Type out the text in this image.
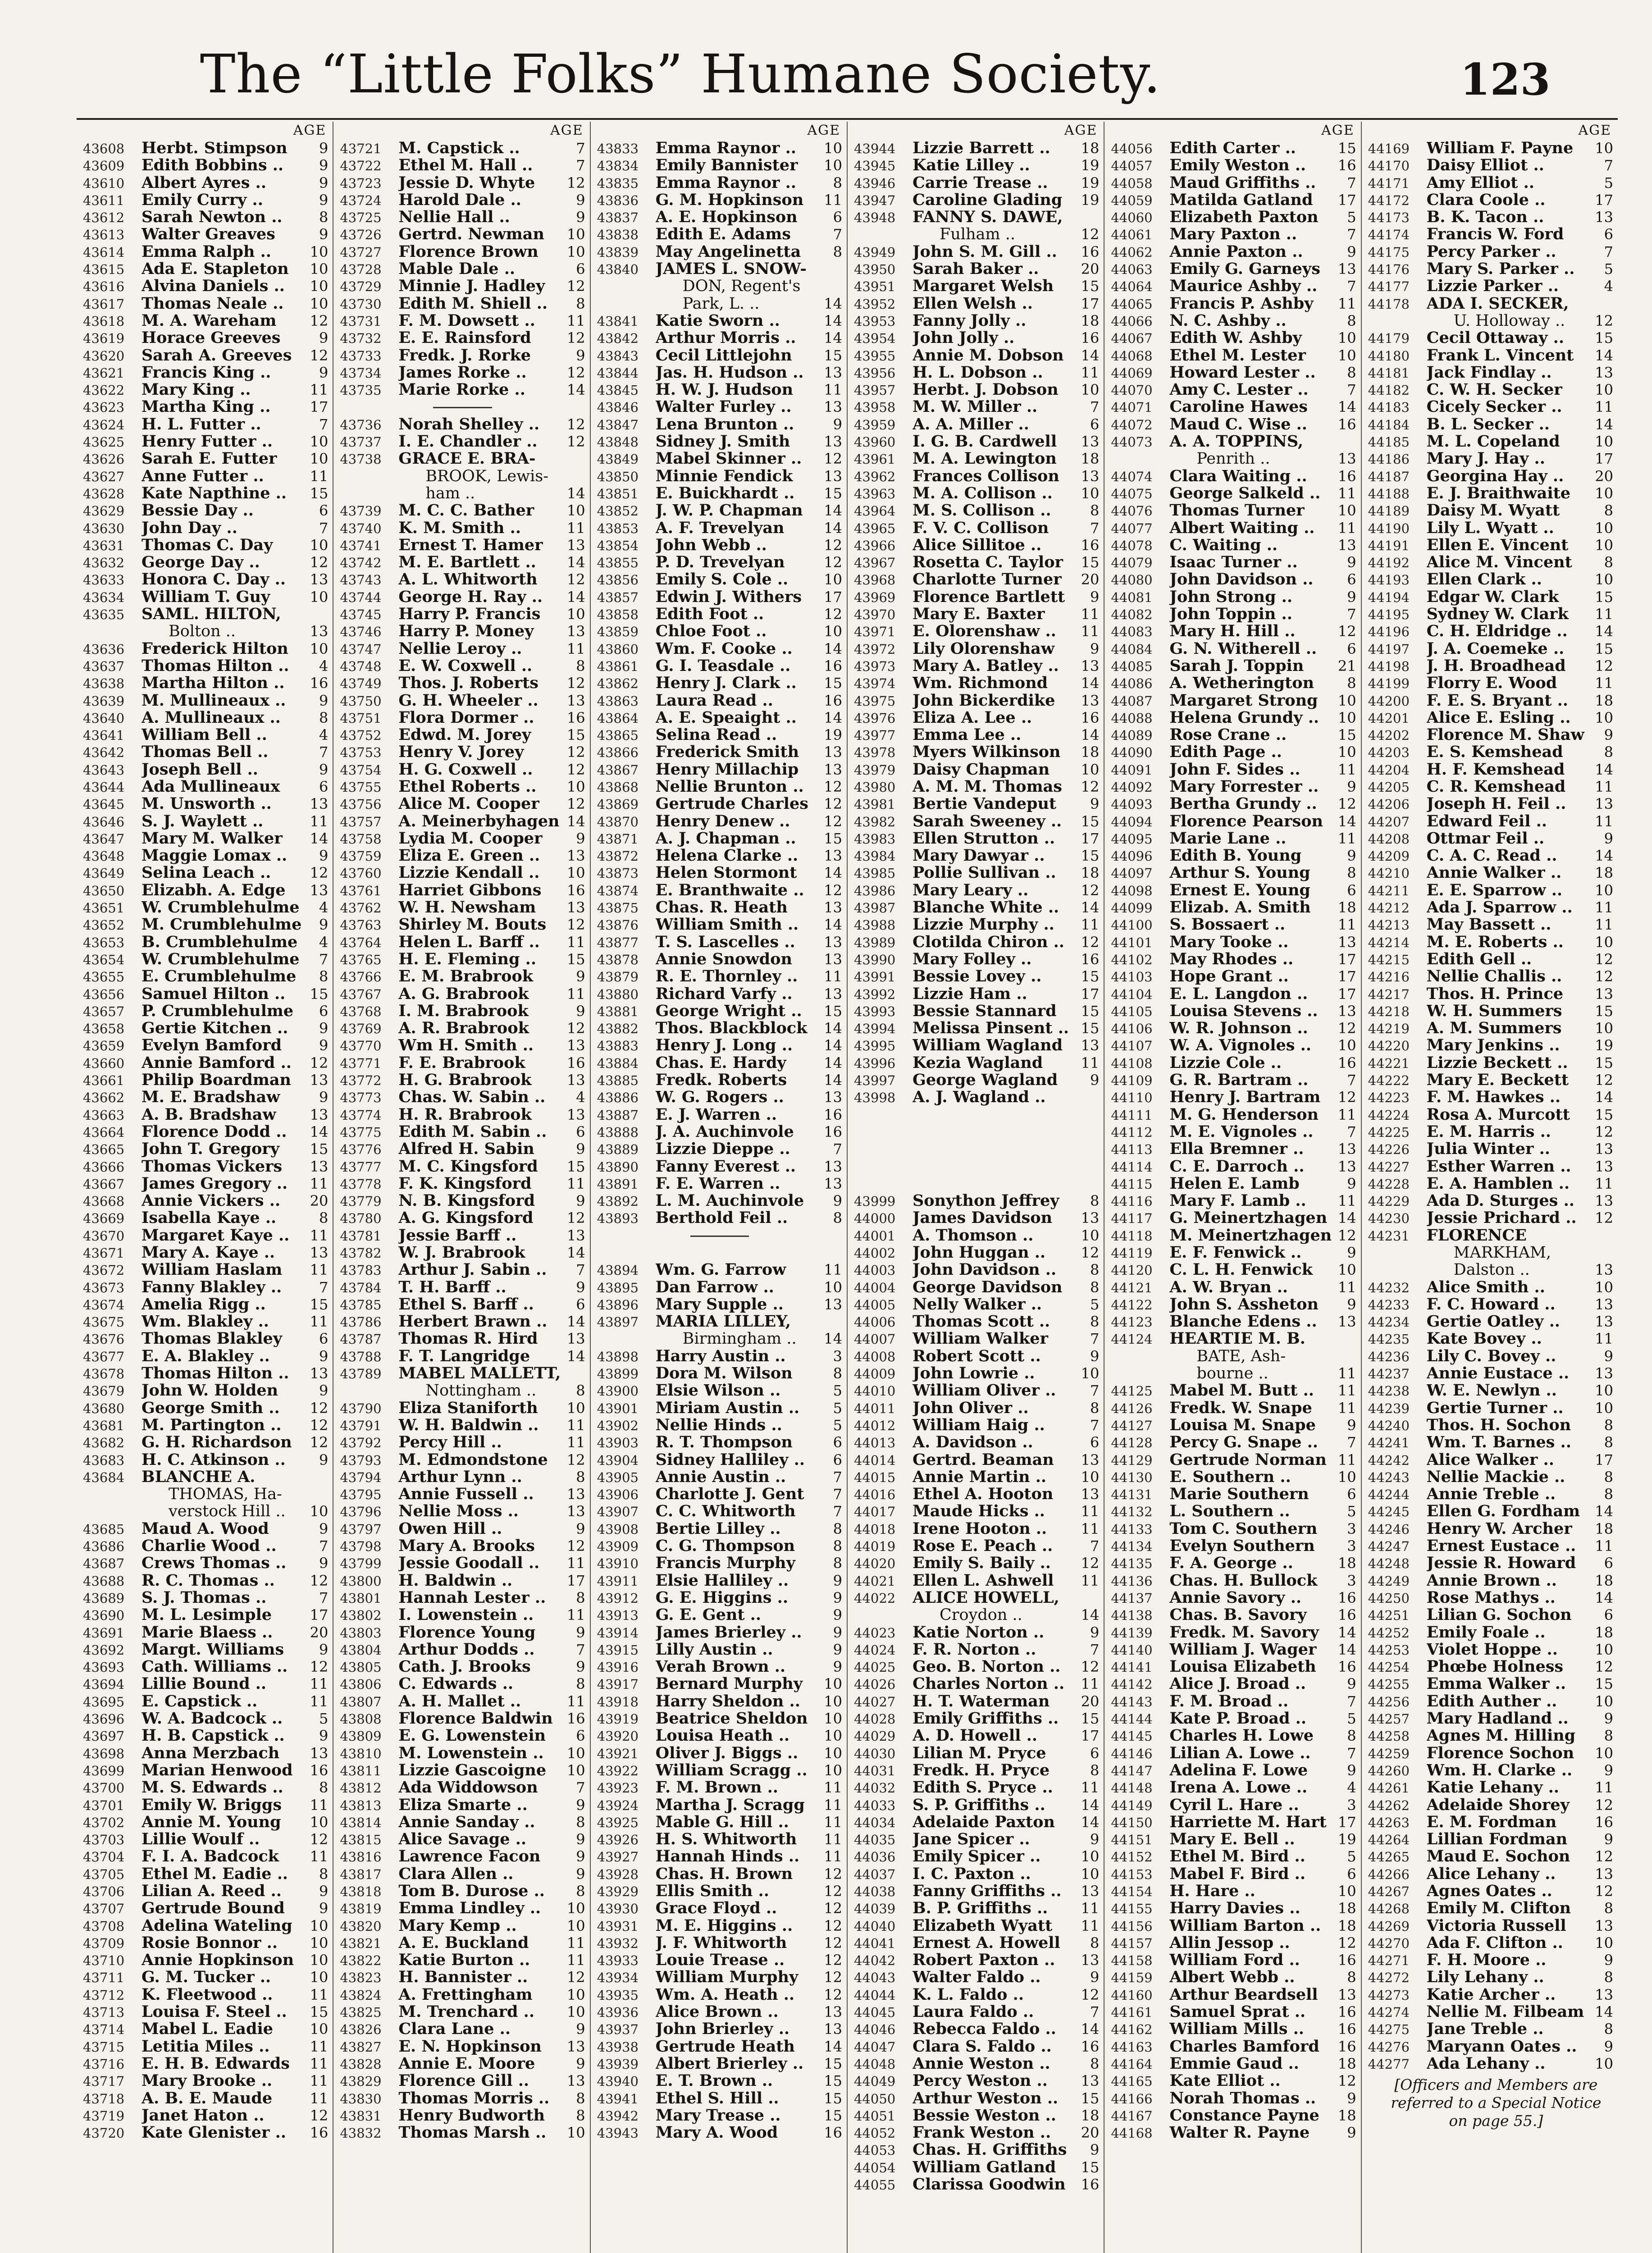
The “Little Folks” Humane Society.	123
AGE
43608	Herbt. Stimpson	9
43609	Edith Bobbins ..	9
43610	Albert Ayres ..	9
43611	Emily Curry ..	9
43612	Sarah Newton ..	8
43613	Walter Greaves	9
43614	Emma Ralph ..	10
43615	Ada E. Stapleton	10
43616	Alvina Daniels ..	10
43617	Thomas Neale ..	10
43618	M. A. Wareham	12
43619	Horace Greeves	9
43620	Sarah A. Greeves	12
43621	Francis King ..	9
43622	Mary King ..	11
43623	Martha King ..	17
43624	H. L. Futter ..	7
43625	Henry Futter ..	10
43626	Sarah E. Futter	10
43627	Anne Futter ..	11
43628	Kate Napthine ..	15
43629	Bessie Day ..	6
43630	John Day ..	7
43631	Thomas C. Day	10
43632	George Day ..	12
43633	Honora C. Day ..	13
43634	William T. Guy	10
43635	SAML. HILTON,
Bolton ..	13
43636	Frederick Hilton	10
43637	Thomas Hilton ..	4
43638	Martha Hilton ..	16
43639	M. Mullineaux ..	9
43640	A. Mullineaux ..	8
43641	William Bell ..	4
43642	Thomas Bell ..	7
43643	Joseph Bell ..	9
43644	Ada Mullineaux	6
43645	M. Unsworth ..	13
43646	S. J. Waylett ..	11
43647	Mary M. Walker	14
43648	Maggie Lomax ..	9
43649	Selina Leach ..	12
43650	Elizabh. A. Edge	13
43651	W. Crumblehulme	4
43652	M. Crumblehulme	9
43653	B. Crumblehulme	4
43654	W. Crumblehulme	7
43655	E. Crumblehulme	8
43656	Samuel Hilton ..	15
43657	P. Crumblehulme	6
43658	Gertie Kitchen ..	9
43659	Evelyn Bamford	9
43660	Annie Bamford ..	12
43661	Philip Boardman	13
43662	M. E. Bradshaw	9
43663	A. B. Bradshaw	13
43664	Florence Dodd ..	14
43665	John T. Gregory	15
43666	Thomas Vickers	13
43667	James Gregory ..	11
43668	Annie Vickers ..	20
43669	Isabella Kaye ..	8
43670	Margaret Kaye ..	11
43671	Mary A. Kaye ..	13
43672	William Haslam	11
43673	Fanny Blakley ..	7
43674	Amelia Rigg ..	15
43675	Wm. Blakley ..	11
43676	Thomas Blakley	6
43677	E. A. Blakley ..	9
43678	Thomas Hilton ..	13
43679	John W. Holden	9
43680	George Smith ..	12
43681	M. Partington ..	12
43682	G. H. Richardson	12
43683	H. C. Atkinson ..	9
43684	BLANCHE A.
THOMAS, Ha-
verstock Hill ..	10
43685	Maud A. Wood	9
43686	Charlie Wood ..	7
43687	Crews Thomas ..	9
43688	R. C. Thomas ..	12
43689	S. J. Thomas ..	7
43690	M. L. Lesimple	17
43691	Marie Blaess ..	20
43692	Margt. Williams	9
43693	Cath. Williams ..	12
43694	Lillie Bound ..	11
43695	E. Capstick ..	11
43696	W. A. Badcock ..	5
43697	H. B. Capstick ..	9
43698	Anna Merzbach	13
43699	Marian Henwood	16
43700	M. S. Edwards ..	8
43701	Emily W. Briggs	11
43702	Annie M. Young	10
43703	Lillie Woulf ..	12
43704	F. I. A. Badcock	11
43705	Ethel M. Eadie ..	8
43706	Lilian A. Reed ..	9
43707	Gertrude Bound	9
43708	Adelina Wateling	10
43709	Rosie Bonnor ..	10
43710	Annie Hopkinson	10
43711	G. M. Tucker ..	10
43712	K. Fleetwood ..	11
43713	Louisa F. Steel ..	15
43714	Mabel L. Eadie	10
43715	Letitia Miles ..	11
43716	E. H. B. Edwards	11
43717	Mary Brooke ..	11
43718	A. B. E. Maude	11
43719	Janet Haton ..	12
43720	Kate Glenister ..	16
AGE
43721	M. Capstick ..	7
43722	Ethel M. Hall ..	7
43723	Jessie D. Whyte	12
43724	Harold Dale ..	9
43725	Nellie Hall ..	9
43726	Gertrd. Newman	10
43727	Florence Brown	10
43728	Mable Dale ..	6
43729	Minnie J. Hadley	12
43730	Edith M. Shiell ..	8
43731	F. M. Dowsett ..	11
43732	E. E. Rainsford	12
43733	Fredk. J. Rorke	9
43734	James Rorke ..	12
43735	Marie Rorke ..	14
43736	Norah Shelley ..	12
43737	I. E. Chandler ..	12
43738	GRACE E. BRA-
BROOK, Lewis-
ham ..	14
43739	M. C. C. Bather	10
43740	K. M. Smith ..	11
43741	Ernest T. Hamer	13
43742	M. E. Bartlett ..	14
43743	A. L. Whitworth	12
43744	George H. Ray ..	14
43745	Harry P. Francis	10
43746	Harry P. Money	13
43747	Nellie Leroy ..	11
43748	E. W. Coxwell ..	8
43749	Thos. J. Roberts	12
43750	G. H. Wheeler ..	13
43751	Flora Dormer ..	16
43752	Edwd. M. Jorey	15
43753	Henry V. Jorey	12
43754	H. G. Coxwell ..	12
43755	Ethel Roberts ..	10
43756	Alice M. Cooper	12
43757	A. Meinerbyhagen 14
43758	Lydia M. Cooper	9
43759	Eliza E. Green ..	13
43760	Lizzie Kendall ..	10
43761	Harriet Gibbons	16
43762	W. H. Newsham	13
43763	Shirley M. Bouts	12
43764	Helen L. Barff ..	11
43765	H. E. Fleming ..	15
43766	E. M. Brabrook	9
43767	A. G. Brabrook	11
43768	I. M. Brabrook	9
43769	A. R. Brabrook	12
43770	Wm H. Smith ..	13
43771	F. E. Brabrook	16
43772	H. G. Brabrook	13
43773	Chas. W. Sabin ..	4
43774	H. R. Brabrook	13
43775	Edith M. Sabin ..	6
43776	Alfred H. Sabin	9
43777	M. C. Kingsford	15
43778	F. K. Kingsford	11
43779	N. B. Kingsford	9
43780	A. G. Kingsford	12
43781	Jessie Barff ..	13
43782	W. J. Brabrook	14
43783	Arthur J. Sabin ..	7
43784	T. H. Barff ..	9
43785	Ethel S. Barff ..	6
43786	Herbert Brawn ..	14
43787	Thomas R. Hird	13
43788	F. T. Langridge	14
43789	MABEL MALLETT,
Nottingham ..	8
43790	Eliza Staniforth	10
43791	W. H. Baldwin ..	11
43792	Percy Hill ..	11
43793	M. Edmondstone	12
43794	Arthur Lynn ..	8
43795	Annie Fussell ..	13
43796	Nellie Moss ..	13
43797	Owen Hill ..	9
43798	Mary A. Brooks	12
43799	Jessie Goodall ..	11
43800	H. Baldwin ..	17
43801	Hannah Lester ..	8
43802	I. Lowenstein ..	11
43803	Florence Young	9
43804	Arthur Dodds ..	7
43805	Cath. J. Brooks	9
43806	C. Edwards ..	8
43807	A. H. Mallet ..	11
43808	Florence Baldwin 16
43809	E. G. Lowenstein	6
43810	M. Lowenstein ..	10
43811	Lizzie Gascoigne	10
43812	Ada Widdowson	7
43813	Eliza Smarte ..	9
43814	Annie Sanday ..	8
43815	Alice Savage ..	9
43816	Lawrence Facon	9
43817	Clara Allen ..	9
43818	Tom B. Durose ..	8
43819	Emma Lindley ..	10
43820	Mary Kemp ..	10
43821	A. E. Buckland	11
43822	Katie Burton ..	11
43823	H. Bannister ..	12
43824	A. Frettingham	10
43825	M. Trenchard ..	10
43826	Clara Lane ..	9
43827	E. N. Hopkinson	13
43828	Annie E. Moore	9
43829	Florence Gill ..	13
43830	Thomas Morris ..	8
43831	Henry Budworth	8
43832	Thomas Marsh ..	10
AGE
43833	Emma Raynor ..	10
43834	Emily Bannister	10
43835	Emma Raynor ..	8
43836	G. M. Hopkinson	11
43837	A. E. Hopkinson	6
43838	Edith E. Adams	7
43839	May Angelinetta	8
43840	JAMES L. SNOW-
DON, Regent's
Park, L. ..	14
43841	Katie Sworn ..	14
43842	Arthur Morris ..	14
43843	Cecil Littlejohn	15
43844	Jas. H. Hudson ..	13
43845	H. W. J. Hudson	11
43846	Walter Furley ..	13
43847	Lena Brunton ..	9
43848	Sidney J. Smith	13
43849	Mabel Skinner ..	12
43850	Minnie Fendick	13
43851	E. Buickhardt ..	15
43852	J. W. P. Chapman	14
43853	A. F. Trevelyan	14
43854	John Webb ..	12
43855	P. D. Trevelyan	12
43856	Emily S. Cole ..	10
43857	Edwin J. Withers	17
43858	Edith Foot ..	12
43859	Chloe Foot ..	10
43860	Wm. F. Cooke ..	14
43861	G. I. Teasdale ..	16
43862	Henry J. Clark ..	15
43863	Laura Read ..	16
43864	A. E. Speaight ..	14
43865	Selina Read ..	19
43866	Frederick Smith	13
43867	Henry Millachip	13
43868	Nellie Brunton ..	12
43869	Gertrude Charles	12
43870	Henry Denew ..	12
43871	A. J. Chapman ..	15
43872	Helena Clarke ..	13
43873	Helen Stormont	14
43874	E. Branthwaite ..	12
43875	Chas. R. Heath	13
43876	William Smith ..	14
43877	T. S. Lascelles ..	13
43878	Annie Snowdon	13
43879	R. E. Thornley ..	11
43880	Richard Varfy ..	13
43881	George Wright ..	15
43882	Thos. Blackblock	14
43883	Henry J. Long ..	14
43884	Chas. E. Hardy	14
43885	Fredk. Roberts	14
43886	W. G. Rogers ..	13
43887	E. J. Warren ..	16
43888	J. A. Auchinvole	16
43889	Lizzie Dieppe ..	7
43890	Fanny Everest ..	13
43891	F. E. Warren ..	13
43892	L. M. Auchinvole	9
43893	Berthold Feil ..	8
43894	Wm. G. Farrow	11
43895	Dan Farrow ..	10
43896	Mary Supple ..	13
43897	MARIA LILLEY,
Birmingham ..	14
43898	Harry Austin ..	3
43899	Dora M. Wilson	8
43900	Elsie Wilson ..	5
43901	Miriam Austin ..	5
43902	Nellie Hinds ..	5
43903	R. T. Thompson	6
43904	Sidney Halliley ..	6
43905	Annie Austin ..	7
43906	Charlotte J. Gent	7
43907	C. C. Whitworth	7
43908	Bertie Lilley ..	8
43909	C. G. Thompson	8
43910	Francis Murphy	8
43911	Elsie Halliley ..	9
43912	G. E. Higgins ..	9
43913	G. E. Gent ..	9
43914	James Brierley ..	9
43915	Lilly Austin ..	9
43916	Verah Brown ..	9
43917	Bernard Murphy	10
43918	Harry Sheldon ..	10
43919	Beatrice Sheldon	10
43920	Louisa Heath ..	10
43921	Oliver J. Biggs ..	10
43922	William Scragg ..	10
43923	F. M. Brown ..	11
43924	Martha J. Scragg	11
43925	Mable G. Hill ..	11
43926	H. S. Whitworth	11
43927	Hannah Hinds ..	11
43928	Chas. H. Brown	12
43929	Ellis Smith ..	12
43930	Grace Floyd ..	12
43931	M. E. Higgins ..	12
43932	J. F. Whitworth	12
43933	Louie Trease ..	12
43934	William Murphy	12
43935	Wm. A. Heath ..	12
43936	Alice Brown ..	13
43937	John Brierley ..	13
43938	Gertrude Heath	14
43939	Albert Brierley ..	15
43940	E. T. Brown ..	15
43941	Ethel S. Hill ..	15
43942	Mary Trease ..	15
43943	Mary A. Wood	16
AGE
43944	Lizzie Barrett ..	18
43945	Katie Lilley ..	19
43946	Carrie Trease ..	19
43947	Caroline Glading	19
43948	FANNY S. DAWE,
Fulham ..	12
43949	John S. M. Gill ..	16
43950	Sarah Baker ..	20
43951	Margaret Welsh	15
43952	Ellen Welsh ..	17
43953	Fanny Jolly ..	18
43954	John Jolly ..	16
43955	Annie M. Dobson	14
43956	H. L. Dobson ..	11
43957	Herbt. J. Dobson	10
43958	M. W. Miller ..	7
43959	A. A. Miller ..	6
43960	I. G. B. Cardwell	13
43961	M. A. Lewington	18
43962	Frances Collison	13
43963	M. A. Collison ..	10
43964	M. S. Collison ..	8
43965	F. V. C. Collison	7
43966	Alice Sillitoe ..	16
43967	Rosetta C. Taylor	15
43968	Charlotte Turner	20
43969	Florence Bartlett	9
43970	Mary E. Baxter	11
43971	E. Olorenshaw ..	11
43972	Lily Olorenshaw	9
43973	Mary A. Batley ..	13
43974	Wm. Richmond	14
43975	John Bickerdike	13
43976	Eliza A. Lee ..	16
43977	Emma Lee ..	14
43978	Myers Wilkinson	18
43979	Daisy Chapman	10
43980	A. M. M. Thomas	12
43981	Bertie Vandeput	9
43982	Sarah Sweeney ..	15
43983	Ellen Strutton ..	17
43984	Mary Dawyar ..	15
43985	Pollie Sullivan ..	18
43986	Mary Leary ..	12
43987	Blanche White ..	14
43988	Lizzie Murphy ..	11
43989	Clotilda Chiron ..	12
43990	Mary Folley ..	16
43991	Bessie Lovey ..	15
43992	Lizzie Ham ..	17
43993	Bessie Stannard	15
43994	Melissa Pinsent .. 15
43995	William Wagland	13
43996	Kezia Wagland	11
43997	George Wagland	9
43998	A. J. Wagland ..
43999	Sonython Jeffrey	8
44000	James Davidson	13
44001	A. Thomson ..	10
44002	John Huggan ..	12
44003	John Davidson ..	8
44004	George Davidson	8
44005	Nelly Walker ..	5
44006	Thomas Scott ..	8
44007	William Walker	7
44008	Robert Scott ..	9
44009	John Lowrie ..	10
44010	William Oliver ..	7
44011	John Oliver ..	8
44012	William Haig ..	7
44013	A. Davidson ..	6
44014	Gertrd. Beaman	13
44015	Annie Martin ..	10
44016	Ethel A. Hooton	13
44017	Maude Hicks ..	11
44018	Irene Hooton ..	11
44019	Rose E. Peach ..	7
44020	Emily S. Baily ..	12
44021	Ellen L. Ashwell	11
44022	ALICE HOWELL,
Croydon ..	14
44023	Katie Norton ..	9
44024	F. R. Norton ..	7
44025	Geo. B. Norton ..	12
44026	Charles Norton ..	11
44027	H. T. Waterman	20
44028	Emily Griffiths ..	15
44029	A. D. Howell ..	17
44030	Lilian M. Pryce	6
44031	Fredk. H. Pryce	8
44032	Edith S. Pryce ..	11
44033	S. P. Griffiths ..	14
44034	Adelaide Paxton	14
44035	Jane Spicer ..	9
44036	Emily Spicer ..	10
44037	I. C. Paxton ..	10
44038	Fanny Griffiths ..	13
44039	B. P. Griffiths ..	11
44040	Elizabeth Wyatt	11
44041	Ernest A. Howell	8
44042	Robert Paxton ..	13
44043	Walter Faldo ..	9
44044	K. L. Faldo ..	12
44045	Laura Faldo ..	7
44046	Rebecca Faldo ..	14
44047	Clara S. Faldo ..	16
44048	Annie Weston ..	8
44049	Percy Weston ..	13
44050	Arthur Weston ..	15
44051	Bessie Weston ..	18
44052	Frank Weston ..	20
44053	Chas. H. Griffiths	9
44054	William Gatland	15
44055	Clarissa Goodwin	16
AGE
44056	Edith Carter ..	15
44057	Emily Weston ..	16
44058	Maud Griffiths ..	7
44059	Matilda Gatland	17
44060	Elizabeth Paxton	5
44061	Mary Paxton ..	7
44062	Annie Paxton ..	9
44063	Emily G. Garneys	13
44064	Maurice Ashby ..	7
44065	Francis P. Ashby	11
44066	N. C. Ashby ..	8
44067	Edith W. Ashby	10
44068	Ethel M. Lester	10
44069	Howard Lester ..	8
44070	Amy C. Lester ..	7
44071	Caroline Hawes	14
44072	Maud C. Wise ..	16
44073	A. A. TOPPINS,
Penrith ..	13
44074	Clara Waiting ..	16
44075	George Salkeld ..	11
44076	Thomas Turner	10
44077	Albert Waiting ..	11
44078	C. Waiting ..	13
44079	Isaac Turner ..	9
44080	John Davidson ..	6
44081	John Strong ..	9
44082	John Toppin ..	7
44083	Mary H. Hill ..	12
44084	G. N. Witherell ..	6
44085	Sarah J. Toppin	21
44086	A. Wetherington	8
44087	Margaret Strong	10
44088	Helena Grundy ..	10
44089	Rose Crane ..	15
44090	Edith Page ..	10
44091	John F. Sides ..	11
44092	Mary Forrester ..	9
44093	Bertha Grundy ..	12
44094	Florence Pearson	14
44095	Marie Lane ..	11
44096	Edith B. Young	9
44097	Arthur S. Young	8
44098	Ernest E. Young	6
44099	Elizab. A. Smith	18
44100	S. Bossaert ..	11
44101	Mary Tooke ..	13
44102	May Rhodes ..	17
44103	Hope Grant ..	17
44104	E. L. Langdon ..	17
44105	Louisa Stevens ..	13
44106	W. R. Johnson ..	12
44107	W. A. Vignoles ..	10
44108	Lizzie Cole ..	16
44109	G. R. Bartram ..	7
44110	Henry J. Bartram	12
44111	M. G. Henderson	11
44112	M. E. Vignoles ..	7
44113	Ella Bremner ..	13
44114	C. E. Darroch ..	13
44115	Helen E. Lamb	9
44116	Mary F. Lamb ..	11
44117	G. Meinertzhagen 14
44118	M. Meinertzhagen 12
44119	E. F. Fenwick ..	9
44120	C. L. H. Fenwick	10
44121	A. W. Bryan ..	11
44122	John S. Assheton	9
44123	Blanche Edens ..	13
44124	HEARTIE M. B.
BATE, Ash-
bourne ..	11
44125	Mabel M. Butt ..	11
44126	Fredk. W. Snape	11
44127	Louisa M. Snape	9
44128	Percy G. Snape ..	7
44129	Gertrude Norman 11
44130	E. Southern ..	10
44131	Marie Southern	6
44132	L. Southern ..	5
44133	Tom C. Southern	3
44134	Evelyn Southern	3
44135	F. A. George ..	18
44136	Chas. H. Bullock	3
44137	Annie Savory ..	16
44138	Chas. B. Savory	16
44139	Fredk. M. Savory	14
44140	William J. Wager	14
44141	Louisa Elizabeth	16
44142	Alice J. Broad ..	9
44143	F. M. Broad ..	7
44144	Kate P. Broad ..	5
44145	Charles H. Lowe	8
44146	Lilian A. Lowe ..	7
44147	Adelina F. Lowe	9
44148	Irena A. Lowe ..	4
44149	Cyril L. Hare ..	3
44150	Harriette M. Hart 17
44151	Mary E. Bell ..	19
44152	Ethel M. Bird ..	5
44153	Mabel F. Bird ..	6
44154	H. Hare ..	10
44155	Harry Davies ..	18
44156	William Barton ..	18
44157	Allin Jessop ..	12
44158	William Ford ..	16
44159	Albert Webb ..	8
44160	Arthur Beardsell	13
44161	Samuel Sprat ..	16
44162	William Mills ..	16
44163	Charles Bamford	16
44164	Emmie Gaud ..	18
44165	Kate Elliot ..	12
44166	Norah Thomas ..	9
44167	Constance Payne	18
44168	Walter R. Payne	9
AGE
44169	William F. Payne	10
44170	Daisy Elliot ..	7
44171	Amy Elliot ..	5
44172	Clara Coole ..	17
44173	B. K. Tacon ..	13
44174	Francis W. Ford	6
44175	Percy Parker ..	7
44176	Mary S. Parker ..	5
44177	Lizzie Parker ..	4
44178	ADA I. SECKER,
U. Holloway ..	12
44179	Cecil Ottaway ..	15
44180	Frank L. Vincent	14
44181	Jack Findlay ..	13
44182	C. W. H. Secker	10
44183	Cicely Secker ..	11
44184	B. L. Secker ..	14
44185	M. L. Copeland	10
44186	Mary J. Hay ..	17
44187	Georgina Hay ..	20
44188	E. J. Braithwaite	10
44189	Daisy M. Wyatt	8
44190	Lily L. Wyatt ..	10
44191	Ellen E. Vincent	10
44192	Alice M. Vincent	8
44193	Ellen Clark ..	10
44194	Edgar W. Clark	15
44195	Sydney W. Clark	11
44196	C. H. Eldridge ..	14
44197	J. A. Coemeke ..	15
44198	J. H. Broadhead	12
44199	Florry E. Wood	11
44200	F. E. S. Bryant ..	18
44201	Alice E. Esling ..	10
44202	Florence M. Shaw	9
44203	E. S. Kemshead	8
44204	H. F. Kemshead	14
44205	C. R. Kemshead	11
44206	Joseph H. Feil ..	13
44207	Edward Feil ..	11
44208	Ottmar Feil ..	9
44209	C. A. C. Read ..	14
44210	Annie Walker ..	18
44211	E. E. Sparrow ..	10
44212	Ada J. Sparrow ..	11
44213	May Bassett ..	11
44214	M. E. Roberts ..	10
44215	Edith Gell ..	12
44216	Nellie Challis ..	12
44217	Thos. H. Prince	13
44218	W. H. Summers	15
44219	A. M. Summers	10
44220	Mary Jenkins ..	19
44221	Lizzie Beckett ..	15
44222	Mary E. Beckett	12
44223	F. M. Hawkes ..	14
44224	Rosa A. Murcott	15
44225	E. M. Harris ..	12
44226	Julia Winter ..	13
44227	Esther Warren ..	13
44228	E. A. Hamblen ..	11
44229	Ada D. Sturges ..	13
44230	Jessie Prichard ..	12
44231	FLORENCE
MARKHAM,
Dalston ..	13
44232	Alice Smith ..	10
44233	F. C. Howard ..	13
44234	Gertie Oatley ..	13
44235	Kate Bovey ..	11
44236	Lily C. Bovey ..	9
44237	Annie Eustace ..	13
44238	W. E. Newlyn ..	10
44239	Gertie Turner ..	10
44240	Thos. H. Sochon	8
44241	Wm. T. Barnes ..	8
44242	Alice Walker ..	17
44243	Nellie Mackie ..	8
44244	Annie Treble ..	8
44245	Ellen G. Fordham	14
44246	Henry W. Archer	18
44247	Ernest Eustace ..	11
44248	Jessie R. Howard	6
44249	Annie Brown ..	18
44250	Rose Mathys ..	14
44251	Lilian G. Sochon	6
44252	Emily Foale ..	18
44253	Violet Hoppe ..	10
44254	Phœbe Holness	12
44255	Emma Walker ..	15
44256	Edith Auther ..	10
44257	Mary Hadland ..	9
44258	Agnes M. Hilling	8
44259	Florence Sochon	10
44260	Wm. H. Clarke ..	9
44261	Katie Lehany ..	11
44262	Adelaide Shorey	12
44263	E. M. Fordman	16
44264	Lillian Fordman	9
44265	Maud E. Sochon	12
44266	Alice Lehany ..	13
44267	Agnes Oates ..	12
44268	Emily M. Clifton	8
44269	Victoria Russell	13
44270	Ada F. Clifton ..	10
44271	F. H. Moore ..	9
44272	Lily Lehany ..	8
44273	Katie Archer ..	13
44274	Nellie M. Filbeam 14
44275	Jane Treble ..	8
44276	Maryann Oates ..	9
44277	Ada Lehany ..	10
[Officers and Members are referred to a Special Notice on page 55.]
